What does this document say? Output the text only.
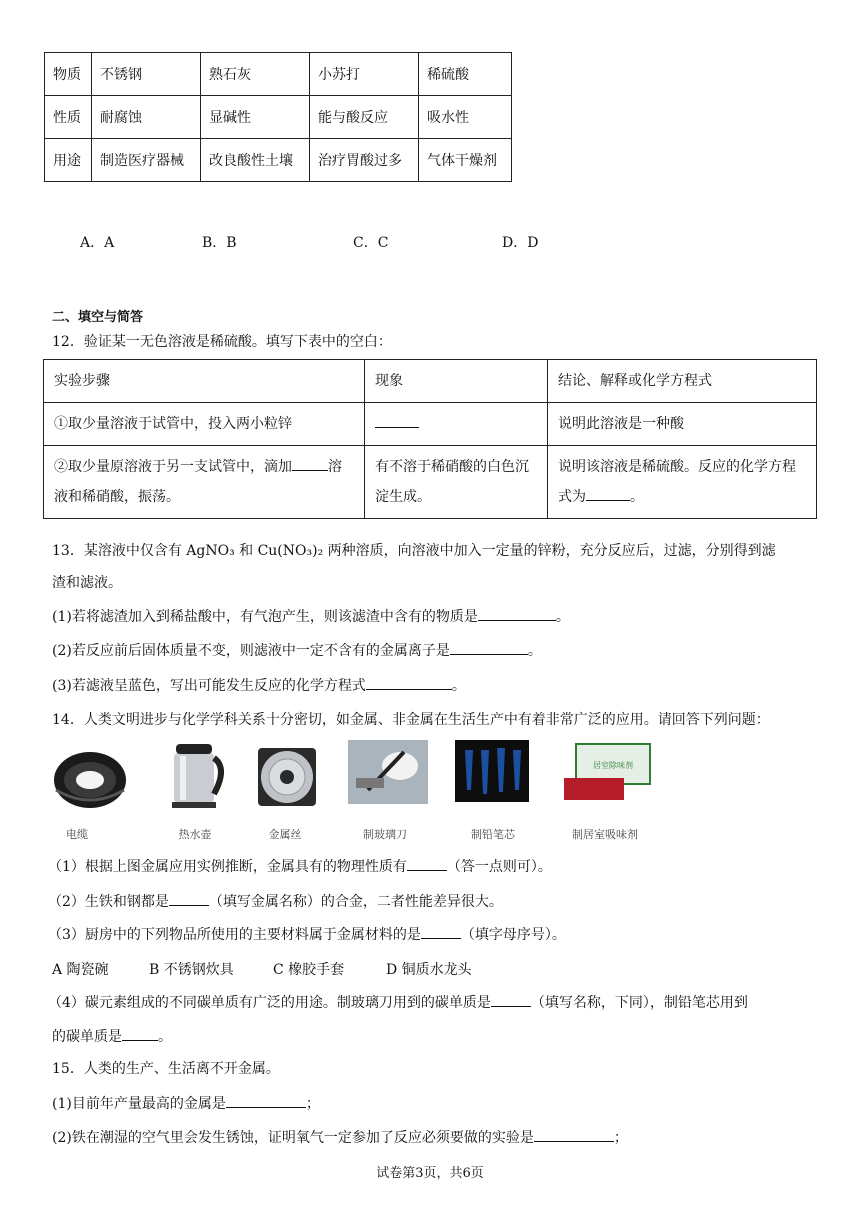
物质	不锈钢	熟石灰	小苏打	稀硫酸
性质	耐腐蚀	显碱性	能与酸反应	吸水性
用途	制造医疗器械	改良酸性土壤	治疗胃酸过多	气体干燥剂
A．A	B．B	C．C	D．D
二、填空与简答
12．验证某一无色溶液是稀硫酸。填写下表中的空白：
实验步骤	现象	结论、解释或化学方程式
①取少量溶液于试管中，投入两小粒锌		说明此溶液是一种酸
②取少量原溶液于另一支试管中，滴加 溶液和稀硝酸，振荡。	有不溶于稀硝酸的白色沉淀生成。	说明该溶液是稀硫酸。反应的化学方程式为 。
13．某溶液中仅含有 AgNO₃ 和 Cu(NO₃)₂ 两种溶质，向溶液中加入一定量的锌粉，充分反应后，过滤，分别得到滤
渣和滤液。
(1)若将滤渣加入到稀盐酸中，有气泡产生，则该滤渣中含有的物质是	。
(2)若反应前后固体质量不变，则滤液中一定不含有的金属离子是	。
(3)若滤液呈蓝色，写出可能发生反应的化学方程式	。
14．人类文明进步与化学学科关系十分密切，如金属、非金属在生活生产中有着非常广泛的应用。请回答下列问题：
居室除味剂
电缆	热水壶	金属丝	制玻璃刀	制铅笔芯	制居室吸味剂
（1）根据上图金属应用实例推断，金属具有的物理性质有	（答一点则可）。
（2）生铁和钢都是	（填写金属名称）的合金，二者性能差异很大。
（3）厨房中的下列物品所使用的主要材料属于金属材料的是	（填字母序号）。
A 陶瓷碗	B 不锈钢炊具	C 橡胶手套	D 铜质水龙头
（4）碳元素组成的不同碳单质有广泛的用途。制玻璃刀用到的碳单质是	（填写名称，下同），制铅笔芯用到
的碳单质是	。
15．人类的生产、生活离不开金属。
(1)目前年产量最高的金属是	；
(2)铁在潮湿的空气里会发生锈蚀，证明氧气一定参加了反应必须要做的实验是	；
试卷第3页，共6页
